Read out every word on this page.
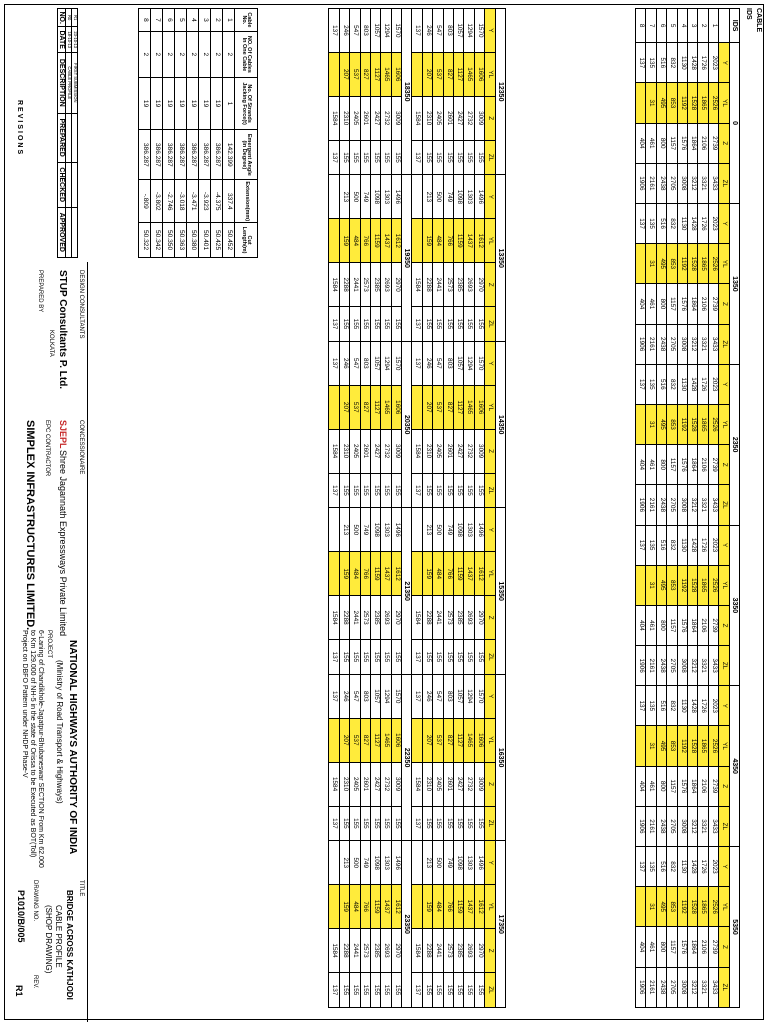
CABLE
IDS
IDS	0				1350				2350				3350				4350				5350			
	Y	YL	Z	ZL	Y	YL	Z	ZL	Y	YL	Z	ZL	Y	YL	Z	ZL	Y	YL	Z	ZL	Y	YL	Z	ZL
1	2023	2526	2739	3433	2023	2526	2739	3433	2023	2526	2739	3433	2023	2526	2739	3433	2023	2526	2739	3433	2023	2526	2739	3433
2	1726	1865	2106	3321	1726	1865	2106	3321	1726	1865	2106	3321	1726	1865	2106	3321	1726	1865	2106	3321	1726	1865	2106	3321
3	1428	1528	1864	3212	1428	1528	1864	3212	1428	1528	1864	3212	1428	1528	1864	3212	1428	1528	1864	3212	1428	1528	1864	3212
4	1130	1192	1576	3008	1130	1192	1576	3008	1130	1192	1576	3008	1130	1192	1576	3008	1130	1192	1576	3008	1130	1192	1576	3008
5	832	853	1157	2705	832	853	1157	2705	832	853	1157	2705	832	853	1157	2705	832	853	1157	2705	832	853	1157	2705
6	516	495	800	2438	516	495	800	2438	516	495	800	2438	516	495	800	2438	516	495	800	2438	516	495	800	2438
7	135	31	461	2161	135	31	461	2161	135	31	461	2161	135	31	461	2161	135	31	461	2161	135	31	461	2161
8	137		404	1906	137		404	1906	137		404	1906	137		404	1906	137		404	1906	137		404	1906
12350				13350				14350				15350				16350				17350			
Y	YL	Z	ZL	Y	YL	Z	ZL	Y	YL	Z	ZL	Y	YL	Z	ZL	Y	YL	Z	ZL	Y	YL	Z	ZL
1570	1606	3009	155	1496	1612	2970	155	1570	1606	3009	155	1496	1612	2970	155	1570	1606	3009	155	1496	1612	2970	155
1294	1465	2732	155	1303	1437	2693	155	1294	1465	2732	155	1303	1437	2693	155	1294	1465	2732	155	1303	1437	2693	155
1057	1127	2427	155	1098	1159	2385	155	1057	1127	2427	155	1098	1159	2385	155	1057	1127	2427	155	1098	1159	2385	155
803	827	2601	155	749	766	2573	155	803	827	2601	155	749	766	2573	155	803	827	2601	155	749	766	2573	155
547	537	2405	155	500	484	2441	155	547	537	2405	155	500	484	2441	155	547	537	2405	155	500	484	2441	155
246	207	2310	155	213	159	2288	155	246	207	2310	155	213	159	2288	155	246	207	2310	155	213	159	2288	155
137		1584	137			1584	137	137		1584	137			1584	137	137		1584	137			1584	137
18350				19350				20350				21350				22350				23350			
1570	1606	3009	155	1496	1612	2970	155	1570	1606	3009	155	1496	1612	2970	155	1570	1606	3009	155	1496	1612	2970	155
1294	1465	2732	155	1303	1437	2693	155	1294	1465	2732	155	1303	1437	2693	155	1294	1465	2732	155	1303	1437	2693	155
1057	1127	2427	155	1098	1159	2385	155	1057	1127	2427	155	1098	1159	2385	155	1057	1127	2427	155	1098	1159	2385	155
803	827	2601	155	749	766	2573	155	803	827	2601	155	749	766	2573	155	803	827	2601	155	749	766	2573	155
547	537	2405	155	500	484	2441	155	547	537	2405	155	500	484	2441	155	547	537	2405	155	500	484	2441	155
246	207	2310	155	213	159	2288	155	246	207	2310	155	213	159	2288	155	246	207	2310	155	213	159	2288	155
137		1584	137			1584	137	137		1584	137			1584	137	137		1584	137			1584	137
Cable No.	NO. Of Cables In One Cable	No. Of Strands Jacking Force(t)	Emergent Angle (in Degree)	Extension(mm)	Cut Length(m)
1	2	1	142.399	337.4	50.452
2	2	19	386.287	-4.375	50.425
3	2	19	386.287	-3.923	50.401
4	2	19	386.287	-3.471	50.380
5	2	19	386.287	-3.018	50.363
6	2	19	386.287	-2.746	50.350
7	2	19	386.287	-3.802	50.342
8	2	19	386.287	-.809	50.322
R1	23-10-13	FIRST SUBMISSION			
R0	18-10-13	CABLE PROFILE			
NO.	DATE	DESCRIPTION	PREPARED	CHECKED	APPROVED
REVISIONS
DESIGN CONSULTANTS
STUP Consultants P. Ltd.
KOLKATA
PREPARED BY
CONCESSIONAIRE
SJEPL
Shree Jagannath Expressways Private Limited
EPC CONTRACTOR
SIMPLEX INFRASTRUCTURES LIMITED.
NATIONAL HIGHWAYS AUTHORITY OF INDIA
(Ministry of Road Transport & Highways)
PROJECT
6-Laning of Chandikhole-Jagatpur-Bhubaneswar SECTION From Km 62.000 to Km 129.000 of NH-5 in the state of Orissa to be Executed as BOT(Toll) Project on DBFO Pattern under NHDP Phase-V
TITLE
BRIDGE ACROSS KATHJODI
CABLE PROFILE
(SHOP DRAWING)
DRAWING NO.
P1010/B/005
REV.
R1
